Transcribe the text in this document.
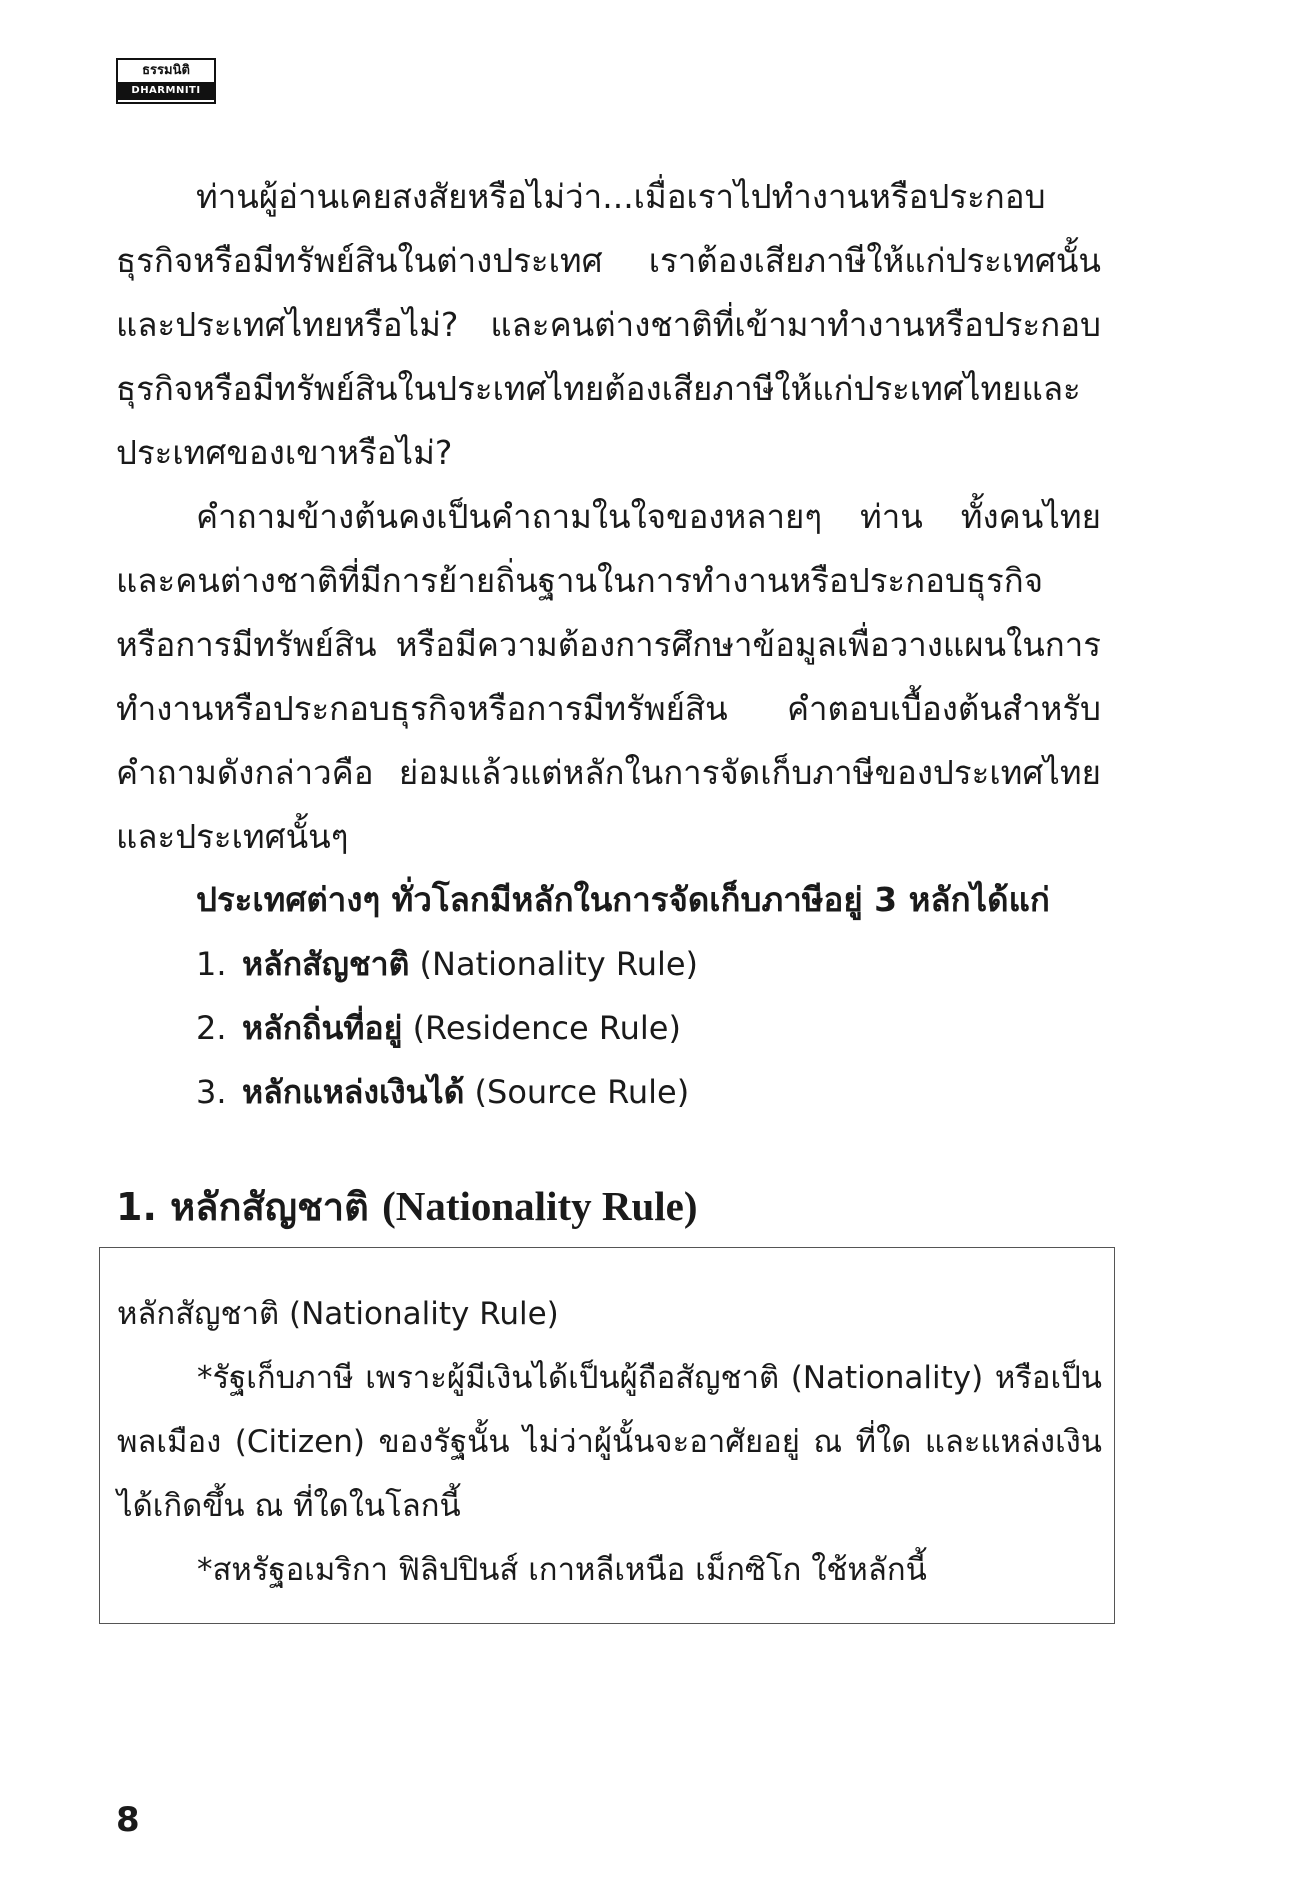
ธรรมนิติ
DHARMNITI

ท่านผู้อ่านเคยสงสัยหรือไม่ว่า...เมื่อเราไปทำงานหรือประกอบธุรกิจหรือมีทรัพย์สินในต่างประเทศ เราต้องเสียภาษีให้แก่ประเทศนั้นและประเทศไทยหรือไม่? และคนต่างชาติที่เข้ามาทำงานหรือประกอบธุรกิจหรือมีทรัพย์สินในประเทศไทยต้องเสียภาษีให้แก่ประเทศไทยและประเทศของเขาหรือไม่?

คำถามข้างต้นคงเป็นคำถามในใจของหลายๆ ท่าน ทั้งคนไทยและคนต่างชาติที่มีการย้ายถิ่นฐานในการทำงานหรือประกอบธุรกิจหรือการมีทรัพย์สิน หรือมีความต้องการศึกษาข้อมูลเพื่อวางแผนในการทำงานหรือประกอบธุรกิจหรือการมีทรัพย์สิน คำตอบเบื้องต้นสำหรับคำถามดังกล่าวคือ ย่อมแล้วแต่หลักในการจัดเก็บภาษีของประเทศไทยและประเทศนั้นๆ

ประเทศต่างๆ ทั่วโลกมีหลักในการจัดเก็บภาษีอยู่ 3 หลักได้แก่

1. หลักสัญชาติ (Nationality Rule)
2. หลักถิ่นที่อยู่ (Residence Rule)
3. หลักแหล่งเงินได้ (Source Rule)
1. หลักสัญชาติ (Nationality Rule)

หลักสัญชาติ (Nationality Rule)

*รัฐเก็บภาษี เพราะผู้มีเงินได้เป็นผู้ถือสัญชาติ (Nationality) หรือเป็นพลเมือง (Citizen) ของรัฐนั้น ไม่ว่าผู้นั้นจะอาศัยอยู่ ณ ที่ใด และแหล่งเงินได้เกิดขึ้น ณ ที่ใดในโลกนี้

*สหรัฐอเมริกา ฟิลิปปินส์ เกาหลีเหนือ เม็กซิโก ใช้หลักนี้

8
